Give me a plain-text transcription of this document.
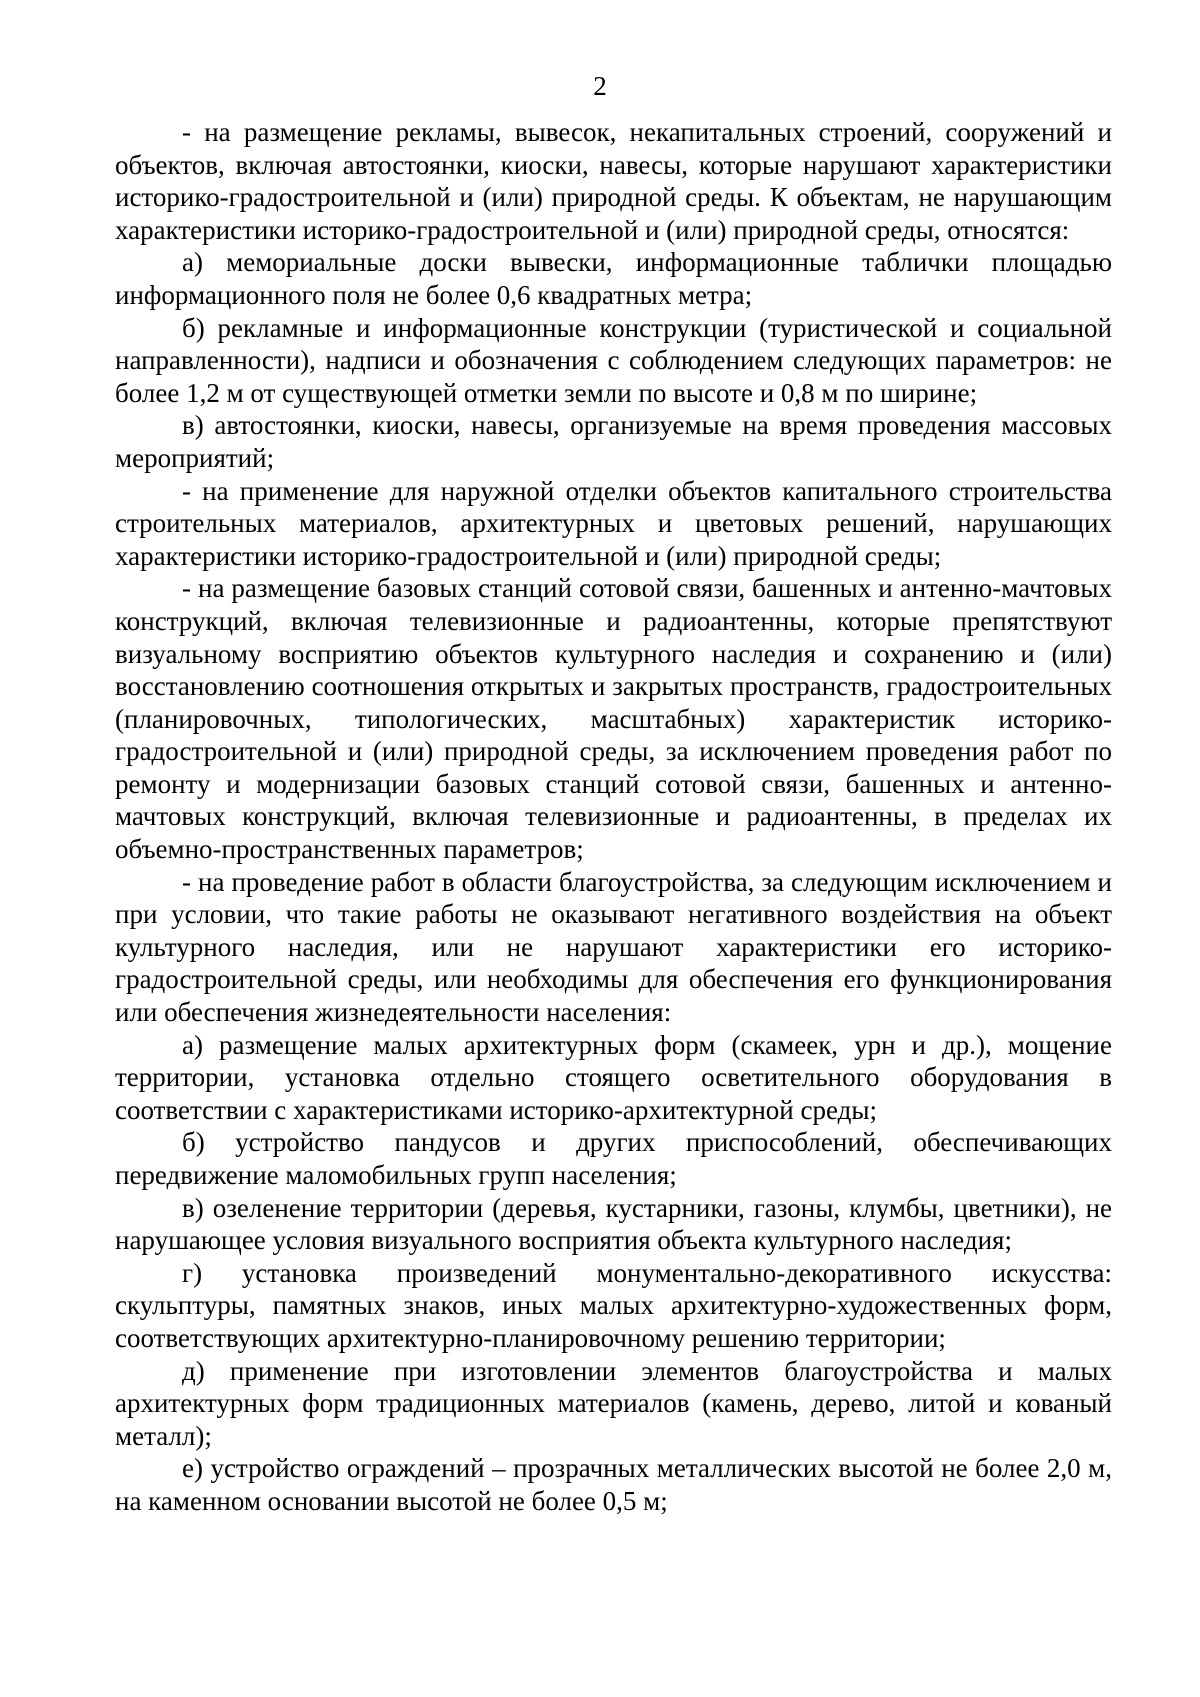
2

- на размещение рекламы, вывесок, некапитальных строений, сооружений и объектов, включая автостоянки, киоски, навесы, которые нарушают характеристики историко-градостроительной и (или) природной среды. К объектам, не нарушающим характеристики историко-градостроительной и (или) природной среды, относятся:

а) мемориальные доски вывески, информационные таблички площадью информационного поля не более 0,6 квадратных метра;

б) рекламные и информационные конструкции (туристической и социальной направленности), надписи и обозначения с соблюдением следующих параметров: не более 1,2 м от существующей отметки земли по высоте и 0,8 м по ширине;

в) автостоянки, киоски, навесы, организуемые на время проведения массовых мероприятий;

- на применение для наружной отделки объектов капитального строительства строительных материалов, архитектурных и цветовых решений, нарушающих характеристики историко-градостроительной и (или) природной среды;

- на размещение базовых станций сотовой связи, башенных и антенно-мачтовых конструкций, включая телевизионные и радиоантенны, которые препятствуют визуальному восприятию объектов культурного наследия и сохранению и (или) восстановлению соотношения открытых и закрытых пространств, градостроительных (планировочных, типологических, масштабных) характеристик историко-градостроительной и (или) природной среды, за исключением проведения работ по ремонту и модернизации базовых станций сотовой связи, башенных и антенно-мачтовых конструкций, включая телевизионные и радиоантенны, в пределах их объемно-пространственных параметров;

- на проведение работ в области благоустройства, за следующим исключением и при условии, что такие работы не оказывают негативного воздействия на объект культурного наследия, или не нарушают характеристики его историко-градостроительной среды, или необходимы для обеспечения его функционирования или обеспечения жизнедеятельности населения:

а) размещение малых архитектурных форм (скамеек, урн и др.), мощение территории, установка отдельно стоящего осветительного оборудования в соответствии с характеристиками историко-архитектурной среды;

б) устройство пандусов и других приспособлений, обеспечивающих передвижение маломобильных групп населения;

в) озеленение территории (деревья, кустарники, газоны, клумбы, цветники), не нарушающее условия визуального восприятия объекта культурного наследия;

г) установка произведений монументально-декоративного искусства: скульптуры, памятных знаков, иных малых архитектурно-художественных форм, соответствующих архитектурно-планировочному решению территории;

д) применение при изготовлении элементов благоустройства и малых архитектурных форм традиционных материалов (камень, дерево, литой и кованый металл);

е) устройство ограждений – прозрачных металлических высотой не более 2,0 м, на каменном основании высотой не более 0,5 м;
